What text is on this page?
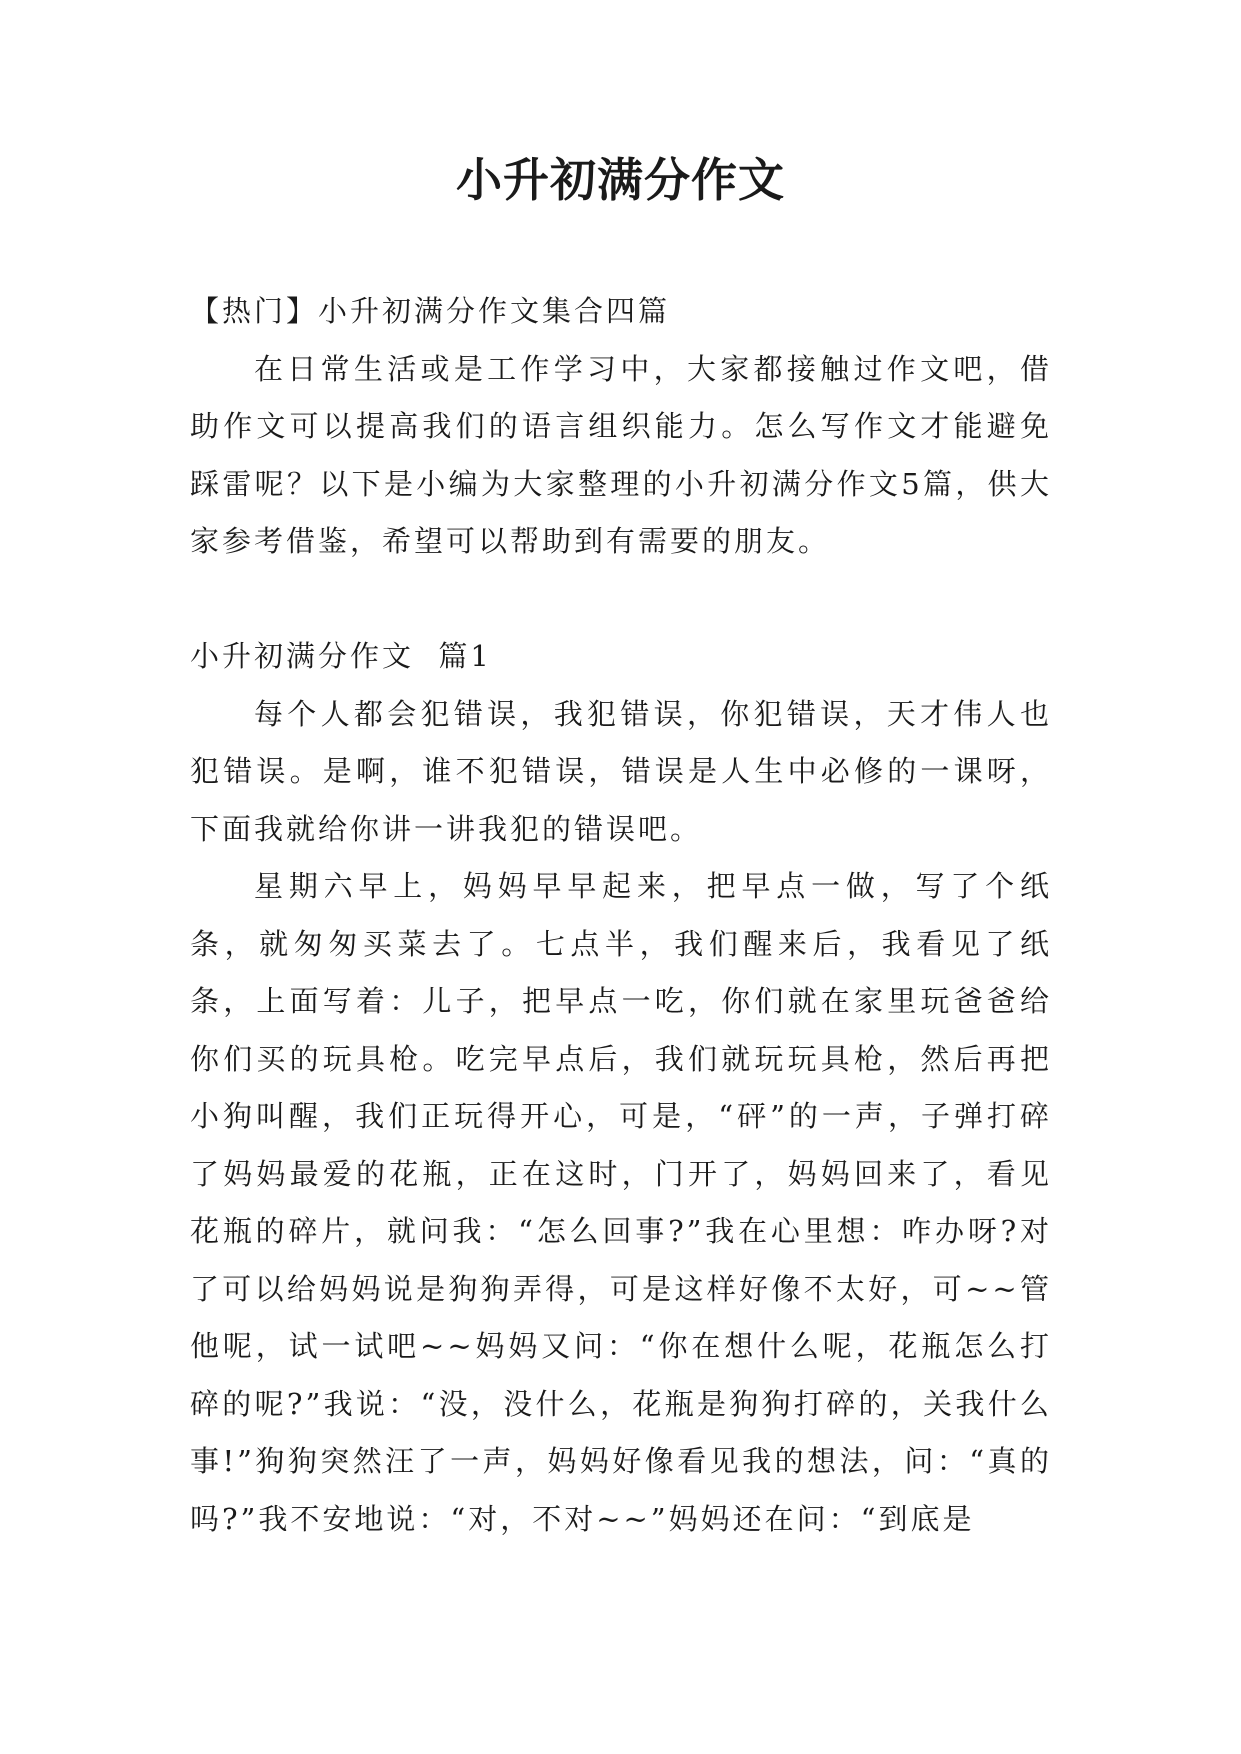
小升初满分作文

【热门】小升初满分作文集合四篇

在日常生活或是工作学习中，大家都接触过作文吧，借助作文可以提高我们的语言组织能力。怎么写作文才能避免踩雷呢？以下是小编为大家整理的小升初满分作文5篇，供大家参考借鉴，希望可以帮助到有需要的朋友。

小升初满分作文  篇1

每个人都会犯错误，我犯错误，你犯错误，天才伟人也犯错误。是啊，谁不犯错误，错误是人生中必修的一课呀，下面我就给你讲一讲我犯的错误吧。

星期六早上，妈妈早早起来，把早点一做，写了个纸条，就匆匆买菜去了。七点半，我们醒来后，我看见了纸条，上面写着：儿子，把早点一吃，你们就在家里玩爸爸给你们买的玩具枪。吃完早点后，我们就玩玩具枪，然后再把小狗叫醒，我们正玩得开心，可是，“砰”的一声，子弹打碎了妈妈最爱的花瓶，正在这时，门开了，妈妈回来了，看见花瓶的碎片，就问我：“怎么回事?”我在心里想：咋办呀?对了可以给妈妈说是狗狗弄得，可是这样好像不太好，可~~管他呢，试一试吧~~妈妈又问：“你在想什么呢，花瓶怎么打碎的呢?”我说：“没，没什么，花瓶是狗狗打碎的，关我什么事!”狗狗突然汪了一声，妈妈好像看见我的想法，问：“真的吗?”我不安地说：“对，不对~~”妈妈还在问：“到底是
